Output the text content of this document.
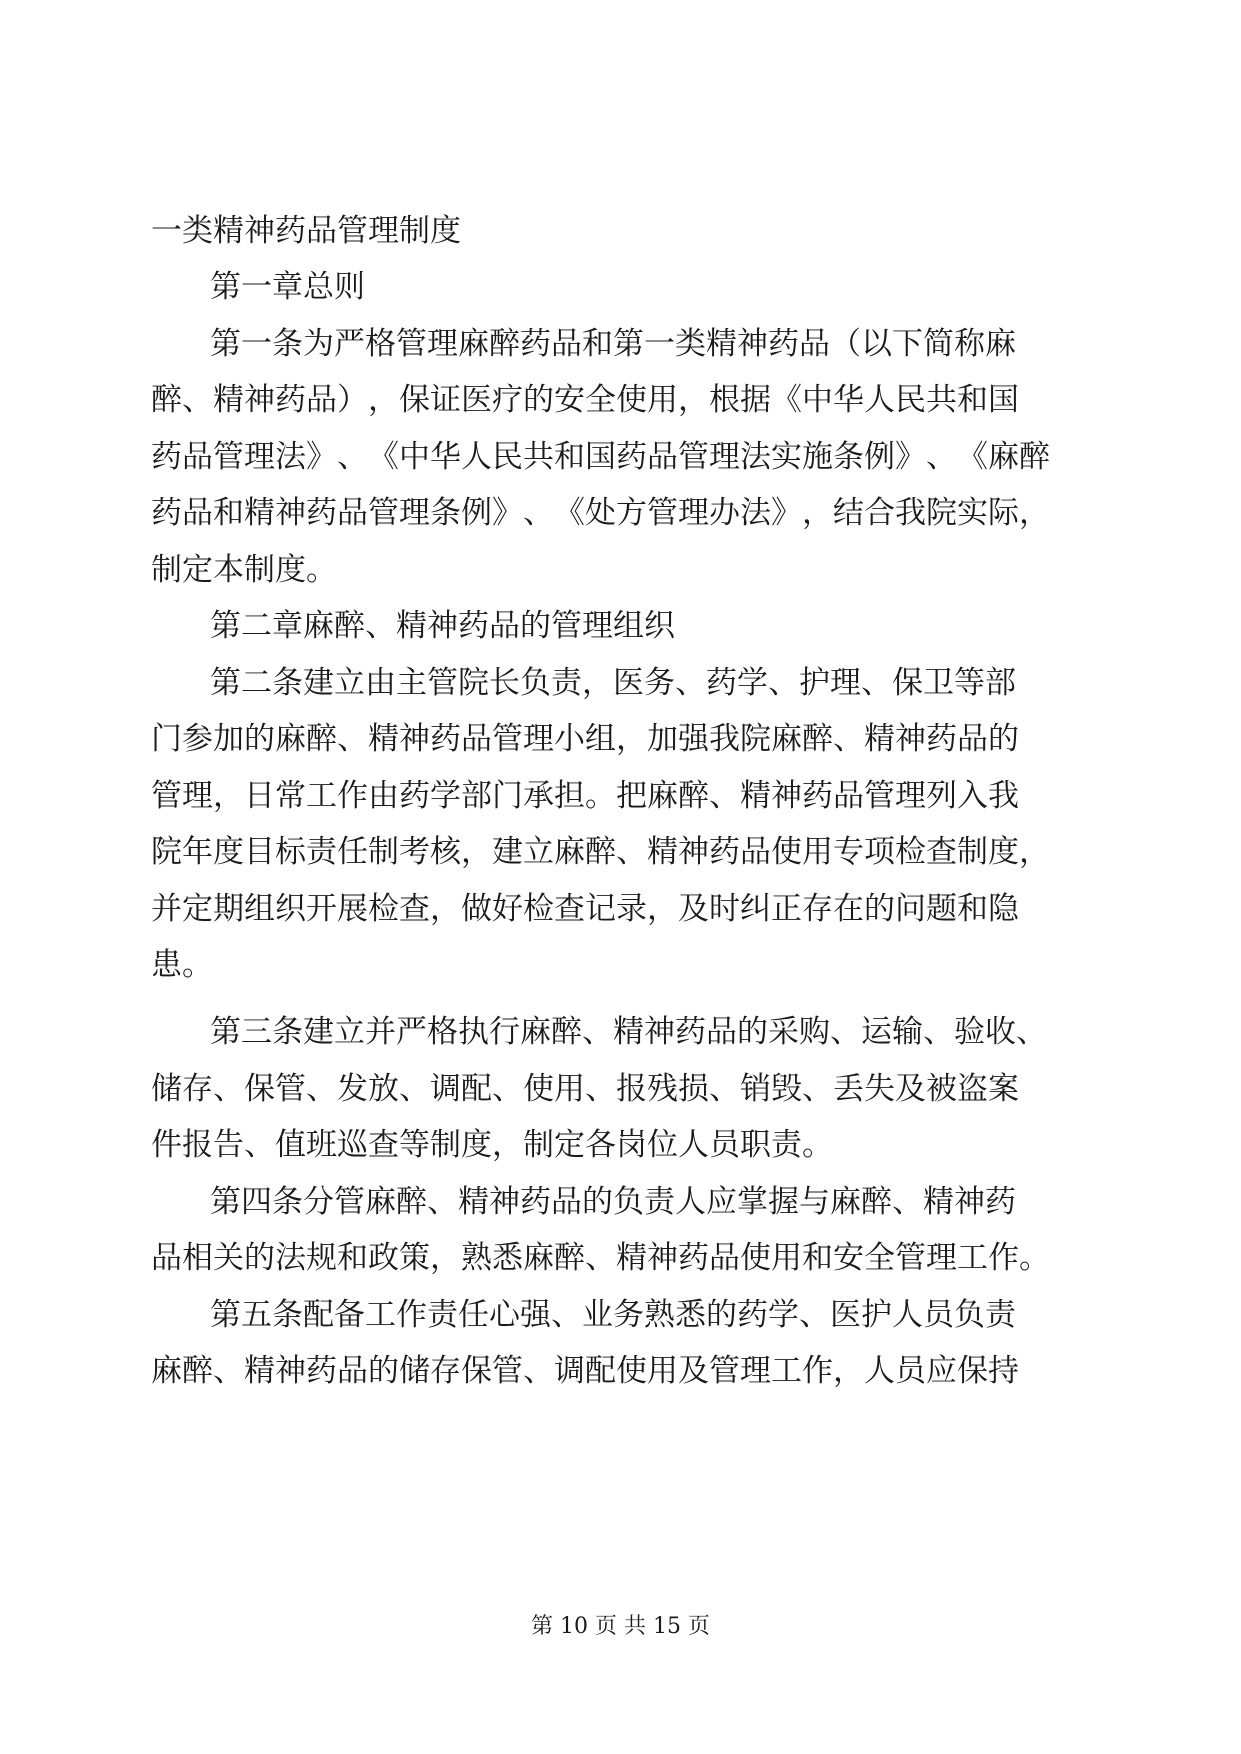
一类精神药品管理制度
第一章总则
第 一 条 为 严 格 管 理 麻 醉 药 品 和 第 一 类 精 神 药 品 （ 以 下 简 称 麻
醉 、 精 神 药 品 ） ， 保 证 医 疗 的 安 全 使 用 ， 根 据 《 中 华 人 民 共 和 国
药 品 管 理 法 》 、 《 中 华 人 民 共 和 国 药 品 管 理 法 实 施 条 例 》 、 《 麻 醉
药 品 和 精 神 药 品 管 理 条 例 》 、 《 处 方 管 理 办 法 》 ， 结 合 我 院 实 际 ，
制定本制度。
第二章麻醉、精神药品的管理组织
第 二 条 建 立 由 主 管 院 长 负 责 ， 医 务 、 药 学 、 护 理 、 保 卫 等 部
门 参 加 的 麻 醉 、 精 神 药 品 管 理 小 组 ， 加 强 我 院 麻 醉 、 精 神 药 品 的
管 理 ， 日 常 工 作 由 药 学 部 门 承 担 。 把 麻 醉 、 精 神 药 品 管 理 列 入 我
院 年 度 目 标 责 任 制 考 核 ， 建 立 麻 醉 、 精 神 药 品 使 用 专 项 检 查 制 度 ，
并 定 期 组 织 开 展 检 查 ， 做 好 检 查 记 录 ， 及 时 纠 正 存 在 的 问 题 和 隐
患。
第 三 条 建 立 并 严 格 执 行 麻 醉 、 精 神 药 品 的 采 购 、 运 输 、 验 收 、
储 存 、 保 管 、 发 放 、 调 配 、 使 用 、 报 残 损 、 销 毁 、 丢 失 及 被 盗 案
件报告、值班巡查等制度，制定各岗位人员职责。
第 四 条 分 管 麻 醉 、 精 神 药 品 的 负 责 人 应 掌 握 与 麻 醉 、 精 神 药
品 相 关 的 法 规 和 政 策 ， 熟 悉 麻 醉 、 精 神 药 品 使 用 和 安 全 管 理 工 作 。
第 五 条 配 备 工 作 责 任 心 强 、 业 务 熟 悉 的 药 学 、 医 护 人 员 负 责
麻 醉 、 精 神 药 品 的 储 存 保 管 、 调 配 使 用 及 管 理 工 作 ， 人 员 应 保 持
第 10 页 共 15 页
